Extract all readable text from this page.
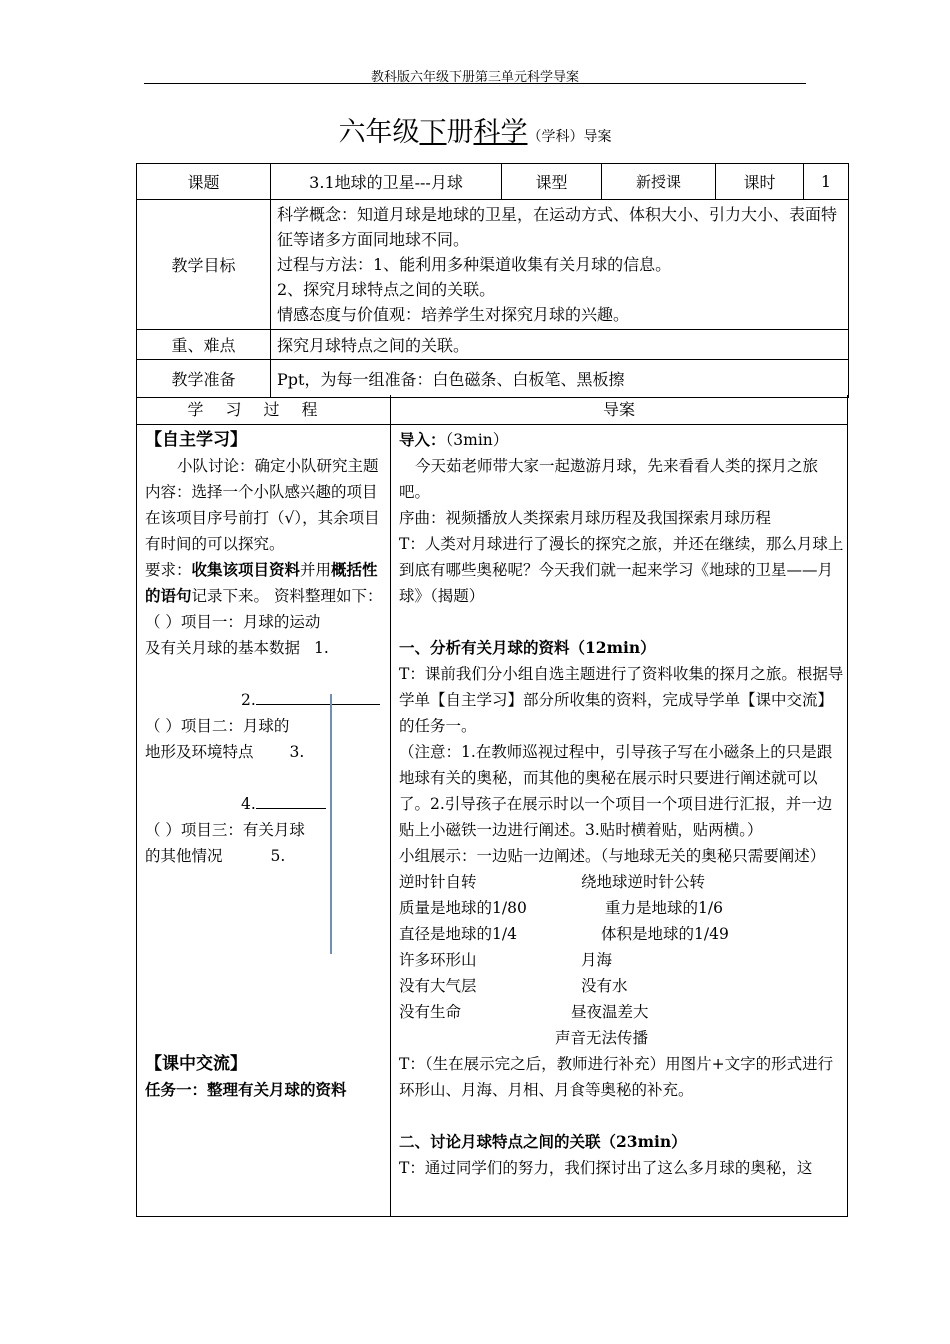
教科版六年级下册第三单元科学导案
六年级下册科学（学科）导案
课题	3.1地球的卫星---月球	课型	新授课	课时	1
教学目标	科学概念：知道月球是地球的卫星，在运动方式、体积大小、引力大小、表面特征等诸多方面同地球不同。

过程与方法：1、能利用多种渠道收集有关月球的信息。

2、探究月球特点之间的关联。

情感态度与价值观：培养学生对探究月球的兴趣。				

重、难点	探究月球特点之间的关联。				
教学准备	Ppt，为每一组准备：白色磁条、白板笔、黑板擦				
学习过程	导案

【自主学习】

小队讨论：确定小队研究主题

内容：选择一个小队感兴趣的项目在该项目序号前打（√），其余项目有时间的可以探究。

要求：收集该项目资料并用概括性的语句记录下来。 资料整理如下：

（ ）项目一：月球的运动

及有关月球的基本数据 1.

2.

（ ）项目二：月球的

地形及环境特点 3.

4.

（ ）项目三：有关月球

的其他情况	5.

【课中交流】

任务一：整理有关月球的资料

导入：（3min）

今天茹老师带大家一起遨游月球，先来看看人类的探月之旅吧。

序曲：视频播放人类探索月球历程及我国探索月球历程

T：人类对月球进行了漫长的探究之旅，并还在继续，那么月球上到底有哪些奥秘呢？今天我们就一起来学习《地球的卫星——月球》（揭题）

一、分析有关月球的资料（12min）

T：课前我们分小组自选主题进行了资料收集的探月之旅。根据导学单【自主学习】部分所收集的资料，完成导学单【课中交流】的任务一。

（注意：1.在教师巡视过程中，引导孩子写在小磁条上的只是跟地球有关的奥秘，而其他的奥秘在展示时只要进行阐述就可以了。2.引导孩子在展示时以一个项目一个项目进行汇报，并一边贴上小磁铁一边进行阐述。3.贴时横着贴，贴两横。）

小组展示：一边贴一边阐述。（与地球无关的奥秘只需要阐述）

逆时针自转	绕地球逆时针公转

质量是地球的1/80	重力是地球的1/6

直径是地球的1/4	体积是地球的1/49

许多环形山	月海

没有大气层	没有水

没有生命	昼夜温差大

声音无法传播

T：（生在展示完之后，教师进行补充）用图片+文字的形式进行环形山、月海、月相、月食等奥秘的补充。

二、讨论月球特点之间的关联（23min）

T：通过同学们的努力，我们探讨出了这么多月球的奥秘，这
